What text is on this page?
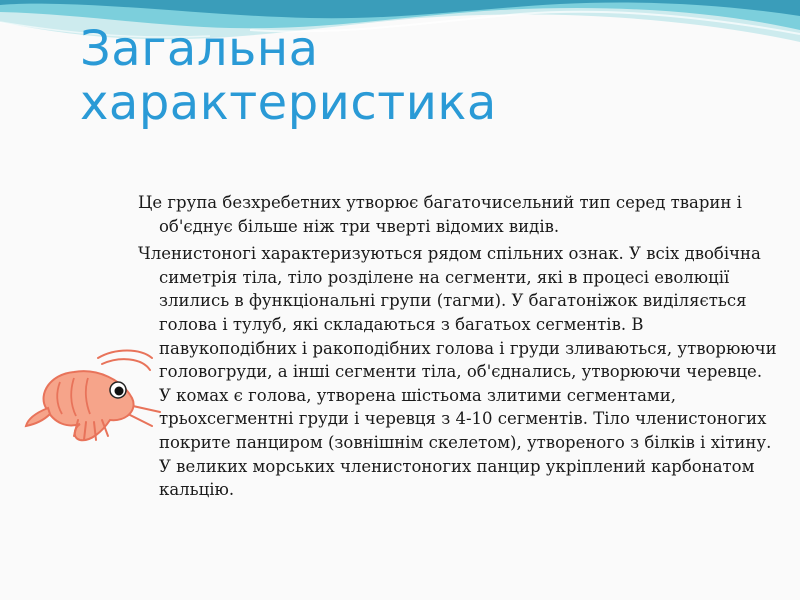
Загальна
характеристика

Це група безхребетних утворює багаточисельний тип серед тварин і об'єднує більше ніж три чверті відомих видів.

Членистоногі характеризуються рядом спільних ознак. У всіх двобічна симетрія тіла, тіло розділене на сегменти, які в процесі еволюції злились в функціональні групи (тагми). У багатоніжок виділяється голова і тулуб, які складаються з багатьох сегментів. В павукоподібних і ракоподібних голова і груди зливаються, утворюючи головогруди, а інші сегменти тіла, об'єднались, утворюючи черевце. У комах є голова, утворена шістьома злитими сегментами, трьохсегментні груди і черевця з 4-10 сегментів. Тіло членистоногих покрите панциром (зовнішнім скелетом), утвореного з білків і хітину. У великих морських членистоногих панцир укріплений карбонатом кальцію.
